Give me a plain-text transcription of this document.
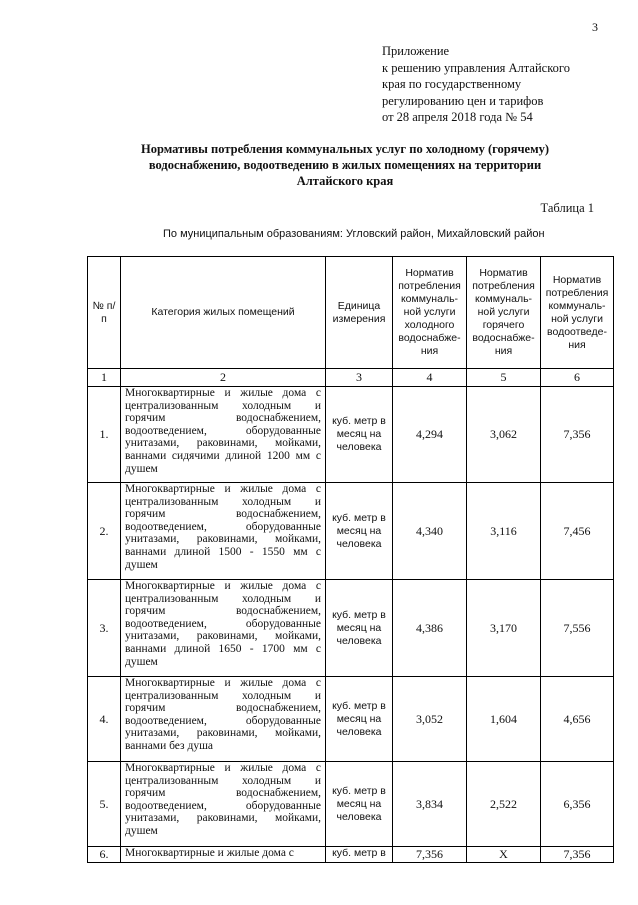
3
Приложение
к решению управления Алтайского
края по государственному
регулированию цен и тарифов
от 28 апреля 2018 года № 54
Нормативы потребления коммунальных услуг по холодному (горячему)
водоснабжению, водоотведению в жилых помещениях на территории
Алтайского края
Таблица 1
По муниципальным образованиям: Угловский район, Михайловский район
№ п/п	Категория жилых помещений	Единица измерения	Норматив потребления коммуналь-ной услуги холодного водоснабже-ния	Норматив потребления коммуналь-ной услуги горячего водоснабже-ния	Норматив потребления коммуналь-ной услуги водоотведе-ния
1	2	3	4	5	6
1.	Многоквартирные и жилые дома с централизованным холодным и горячим водоснабжением, водоотведением, оборудованные унитазами, раковинами, мойками, ваннами сидячими длиной 1200 мм с душем	куб. метр в месяц на человека	4,294	3,062	7,356
2.	Многоквартирные и жилые дома с централизованным холодным и горячим водоснабжением, водоотведением, оборудованные унитазами, раковинами, мойками, ваннами длиной 1500 - 1550 мм с душем	куб. метр в месяц на человека	4,340	3,116	7,456
3.	Многоквартирные и жилые дома с централизованным холодным и горячим водоснабжением, водоотведением, оборудованные унитазами, раковинами, мойками, ваннами длиной 1650 - 1700 мм с душем	куб. метр в месяц на человека	4,386	3,170	7,556
4.	Многоквартирные и жилые дома с централизованным холодным и горячим водоснабжением, водоотведением, оборудованные унитазами, раковинами, мойками, ваннами без душа	куб. метр в месяц на человека	3,052	1,604	4,656
5.	Многоквартирные и жилые дома с централизованным холодным и горячим водоснабжением, водоотведением, оборудованные унитазами, раковинами, мойками, душем	куб. метр в месяц на человека	3,834	2,522	6,356
6.	Многоквартирные и жилые дома с	куб. метр в	7,356	X	7,356
